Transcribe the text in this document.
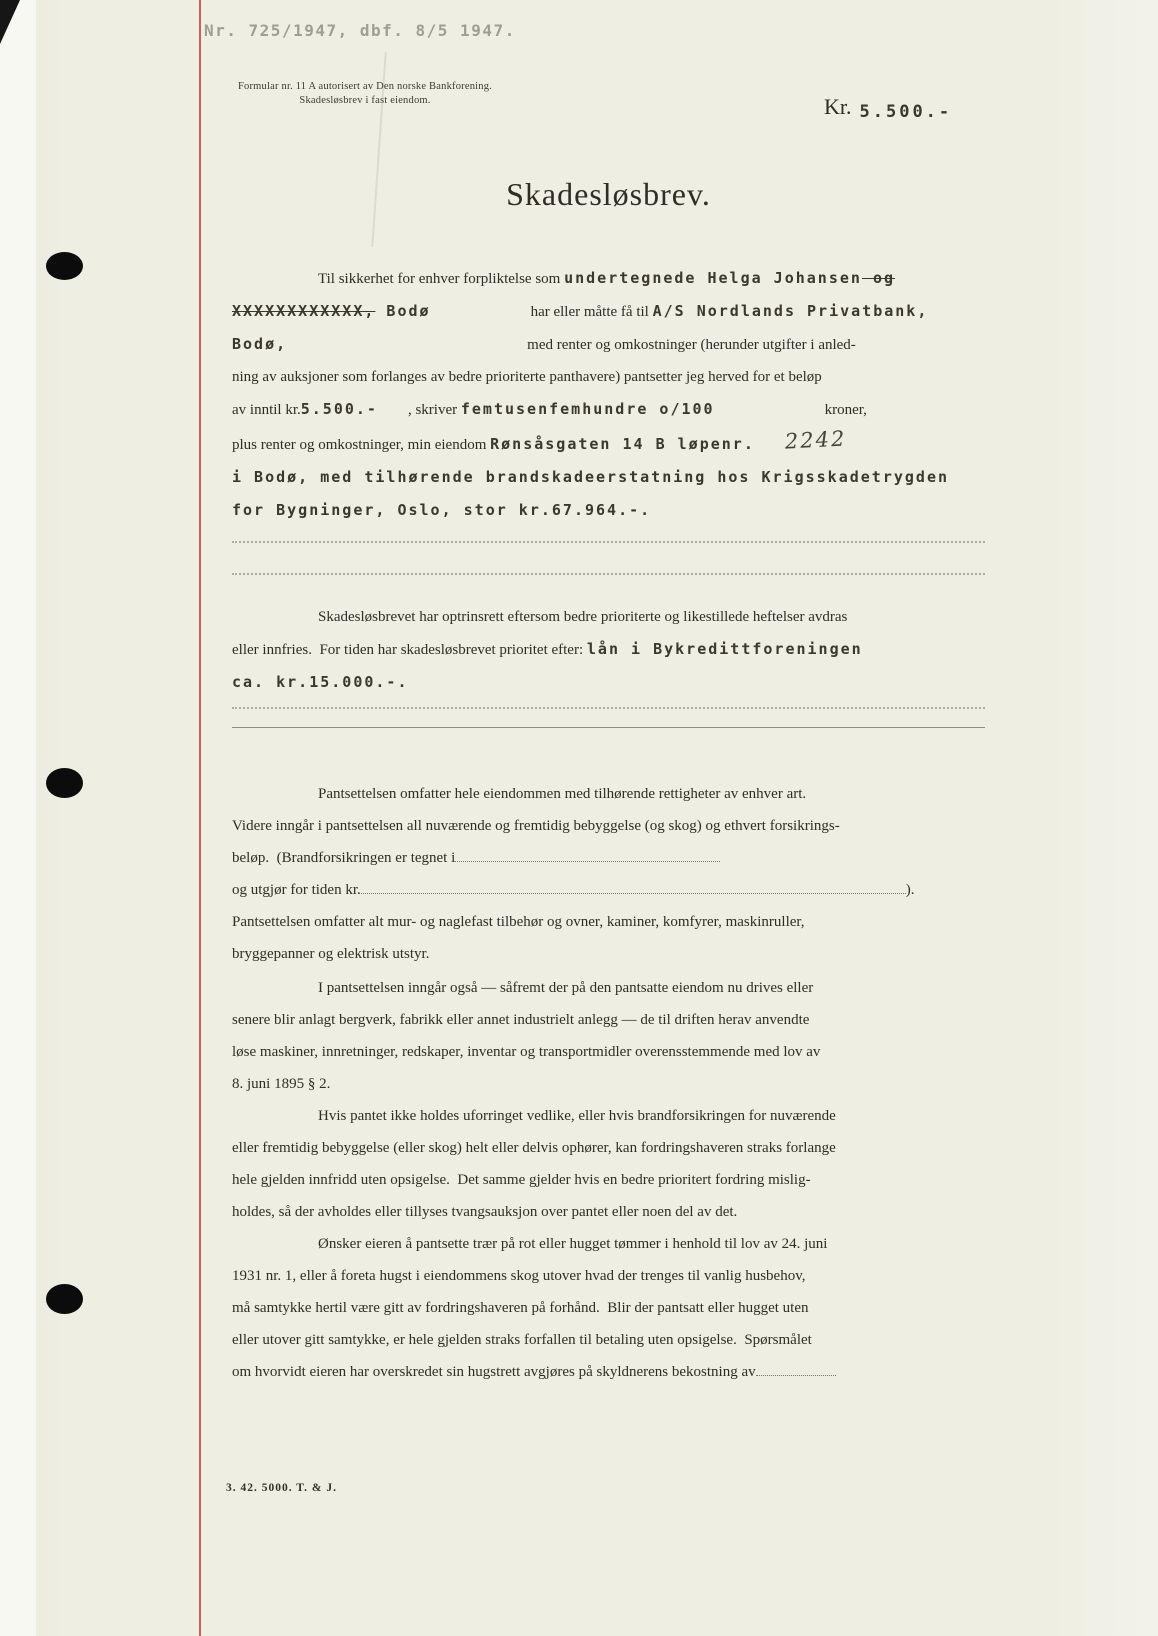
Nr. 725/1947, dbf. 8/5 1947.
Formular nr. 11 A autorisert av Den norske Bankforening.
Skadesløsbrev i fast eiendom.	Kr. 5.500.-

Skadesløsbrev.
Til sikkerhet for enhver forpliktelse som undertegnede Helga Johansen og
XXXXXXXXXXXX, Bodø	har eller måtte få til A/S Nordlands Privatbank,
Bodø,	med renter og omkostninger (herunder utgifter i anled-
ning av auksjoner som forlanges av bedre prioriterte panthavere) pantsetter jeg herved for et beløp
av inntil kr.5.500.- , skriver femtusenfemhundre o/100	kroner,
plus renter og omkostninger, min eiendom Rønsåsgaten 14 B løpenr. 2242
i Bodø, med tilhørende brandskadeerstatning hos Krigsskadetrygden
for Bygninger, Oslo, stor kr.67.964.-.
Skadesløsbrevet har optrinsrett eftersom bedre prioriterte og likestillede heftelser avdras
eller innfries.  For tiden har skadesløsbrevet prioritet efter: lån i Bykredittforeningen
ca. kr.15.000.-.
Pantsettelsen omfatter hele eiendommen med tilhørende rettigheter av enhver art.
Videre inngår i pantsettelsen all nuværende og fremtidig bebyggelse (og skog) og ethvert forsikrings-
beløp.  (Brandforsikringen er tegnet i
og utgjør for tiden kr.	).
Pantsettelsen omfatter alt mur- og naglefast tilbehør og ovner, kaminer, komfyrer, maskinruller,
bryggepanner og elektrisk utstyr.
I pantsettelsen inngår også — såfremt der på den pantsatte eiendom nu drives eller
senere blir anlagt bergverk, fabrikk eller annet industrielt anlegg — de til driften herav anvendte
løse maskiner, innretninger, redskaper, inventar og transportmidler overensstemmende med lov av
8. juni 1895 § 2.
Hvis pantet ikke holdes uforringet vedlike, eller hvis brandforsikringen for nuværende
eller fremtidig bebyggelse (eller skog) helt eller delvis ophører, kan fordringshaveren straks forlange
hele gjelden innfridd uten opsigelse.  Det samme gjelder hvis en bedre prioritert fordring mislig-
holdes, så der avholdes eller tillyses tvangsauksjon over pantet eller noen del av det.
Ønsker eieren å pantsette trær på rot eller hugget tømmer i henhold til lov av 24. juni
1931 nr. 1, eller å foreta hugst i eiendommens skog utover hvad der trenges til vanlig husbehov,
må samtykke hertil være gitt av fordringshaveren på forhånd.  Blir der pantsatt eller hugget uten
eller utover gitt samtykke, er hele gjelden straks forfallen til betaling uten opsigelse.  Spørsmålet
om hvorvidt eieren har overskredet sin hugstrett avgjøres på skyldnerens bekostning av
3. 42. 5000. T. & J.
